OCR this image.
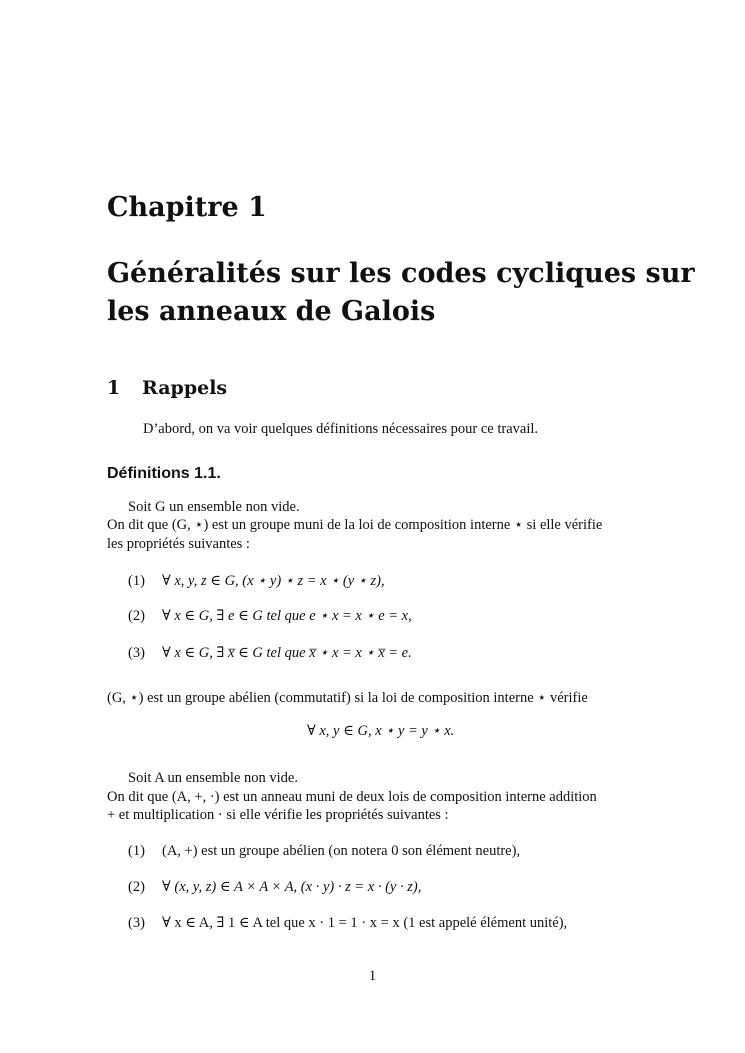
Chapitre 1
Généralités sur les codes cycliques sur les anneaux de Galois
1 Rappels
D’abord, on va voir quelques définitions nécessaires pour ce travail.
Définitions 1.1.
Soit G un ensemble non vide.
On dit que (G, ⋆) est un groupe muni de la loi de composition interne ⋆ si elle vérifie
les propriétés suivantes :
(1) ∀ x, y, z ∈ G, (x ⋆ y) ⋆ z = x ⋆ (y ⋆ z),
(2) ∀ x ∈ G, ∃ e ∈ G tel que e ⋆ x = x ⋆ e = x,
(3) ∀ x ∈ G, ∃ x̅ ∈ G tel que x̅ ⋆ x = x ⋆ x̅ = e.
(G, ⋆) est un groupe abélien (commutatif) si la loi de composition interne ⋆ vérifie
∀ x, y ∈ G, x ⋆ y = y ⋆ x.
Soit A un ensemble non vide.
On dit que (A, +, ·) est un anneau muni de deux lois de composition interne addition
+ et multiplication · si elle vérifie les propriétés suivantes :
(1) (A, +) est un groupe abélien (on notera 0 son élément neutre),
(2) ∀ (x, y, z) ∈ A × A × A, (x · y) · z = x · (y · z),
(3) ∀ x ∈ A, ∃ 1 ∈ A tel que x · 1 = 1 · x = x (1 est appelé élément unité),
1
